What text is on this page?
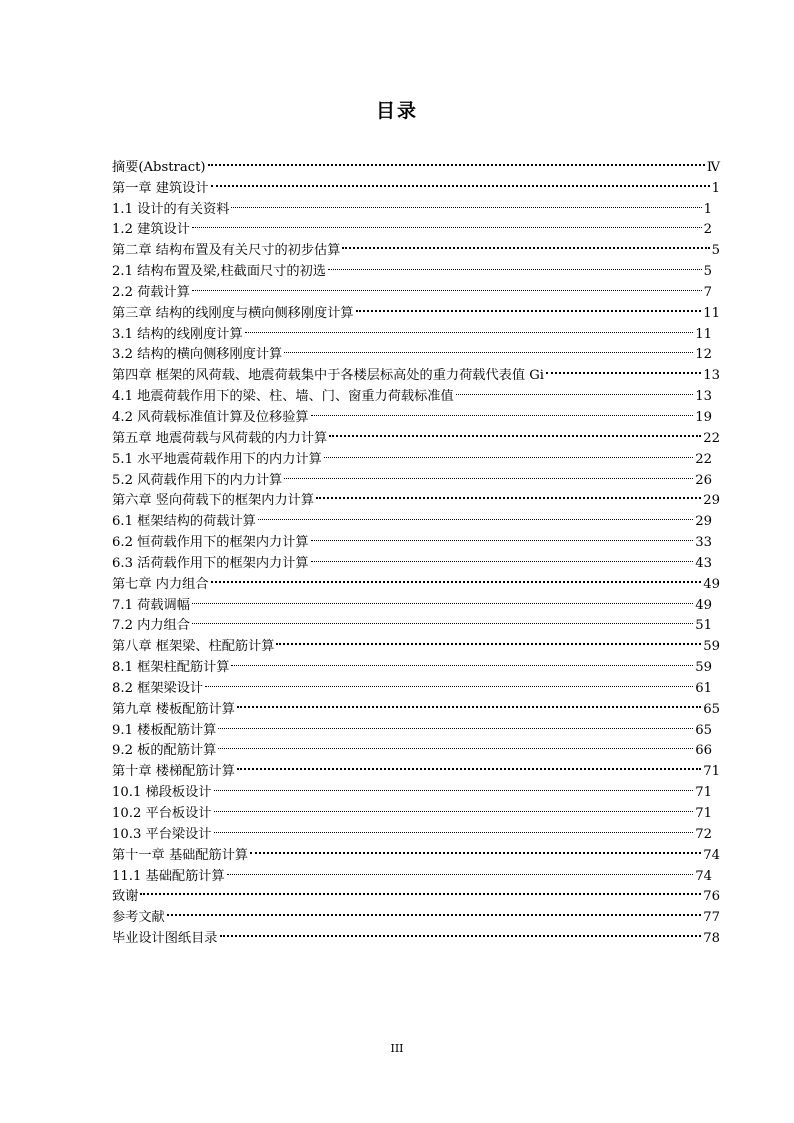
目录
摘要(Abstract)	Ⅳ
第一章 建筑设计	1
1.1 设计的有关资料	1
1.2 建筑设计	2
第二章 结构布置及有关尺寸的初步估算	5
2.1 结构布置及梁,柱截面尺寸的初选	5
2.2 荷载计算	7
第三章 结构的线刚度与横向侧移刚度计算	11
3.1 结构的线刚度计算	11
3.2 结构的横向侧移刚度计算	12
第四章 框架的风荷载、地震荷载集中于各楼层标高处的重力荷载代表值 Gi	13
4.1 地震荷载作用下的梁、柱、墙、门、窗重力荷载标准值	13
4.2 风荷载标准值计算及位移验算	19
第五章 地震荷载与风荷载的内力计算	22
5.1 水平地震荷载作用下的内力计算	22
5.2 风荷载作用下的内力计算	26
第六章 竖向荷载下的框架内力计算	29
6.1 框架结构的荷载计算	29
6.2 恒荷载作用下的框架内力计算	33
6.3 活荷载作用下的框架内力计算	43
第七章 内力组合	49
7.1 荷载调幅	49
7.2 内力组合	51
第八章 框架梁、柱配筋计算	59
8.1 框架柱配筋计算	59
8.2 框架梁设计	61
第九章 楼板配筋计算	65
9.1 楼板配筋计算	65
9.2 板的配筋计算	66
第十章 楼梯配筋计算	71
10.1 梯段板设计	71
10.2 平台板设计	71
10.3 平台梁设计	72
第十一章 基础配筋计算	74
11.1 基础配筋计算	74
致谢	76
参考文献	77
毕业设计图纸目录	78
III
